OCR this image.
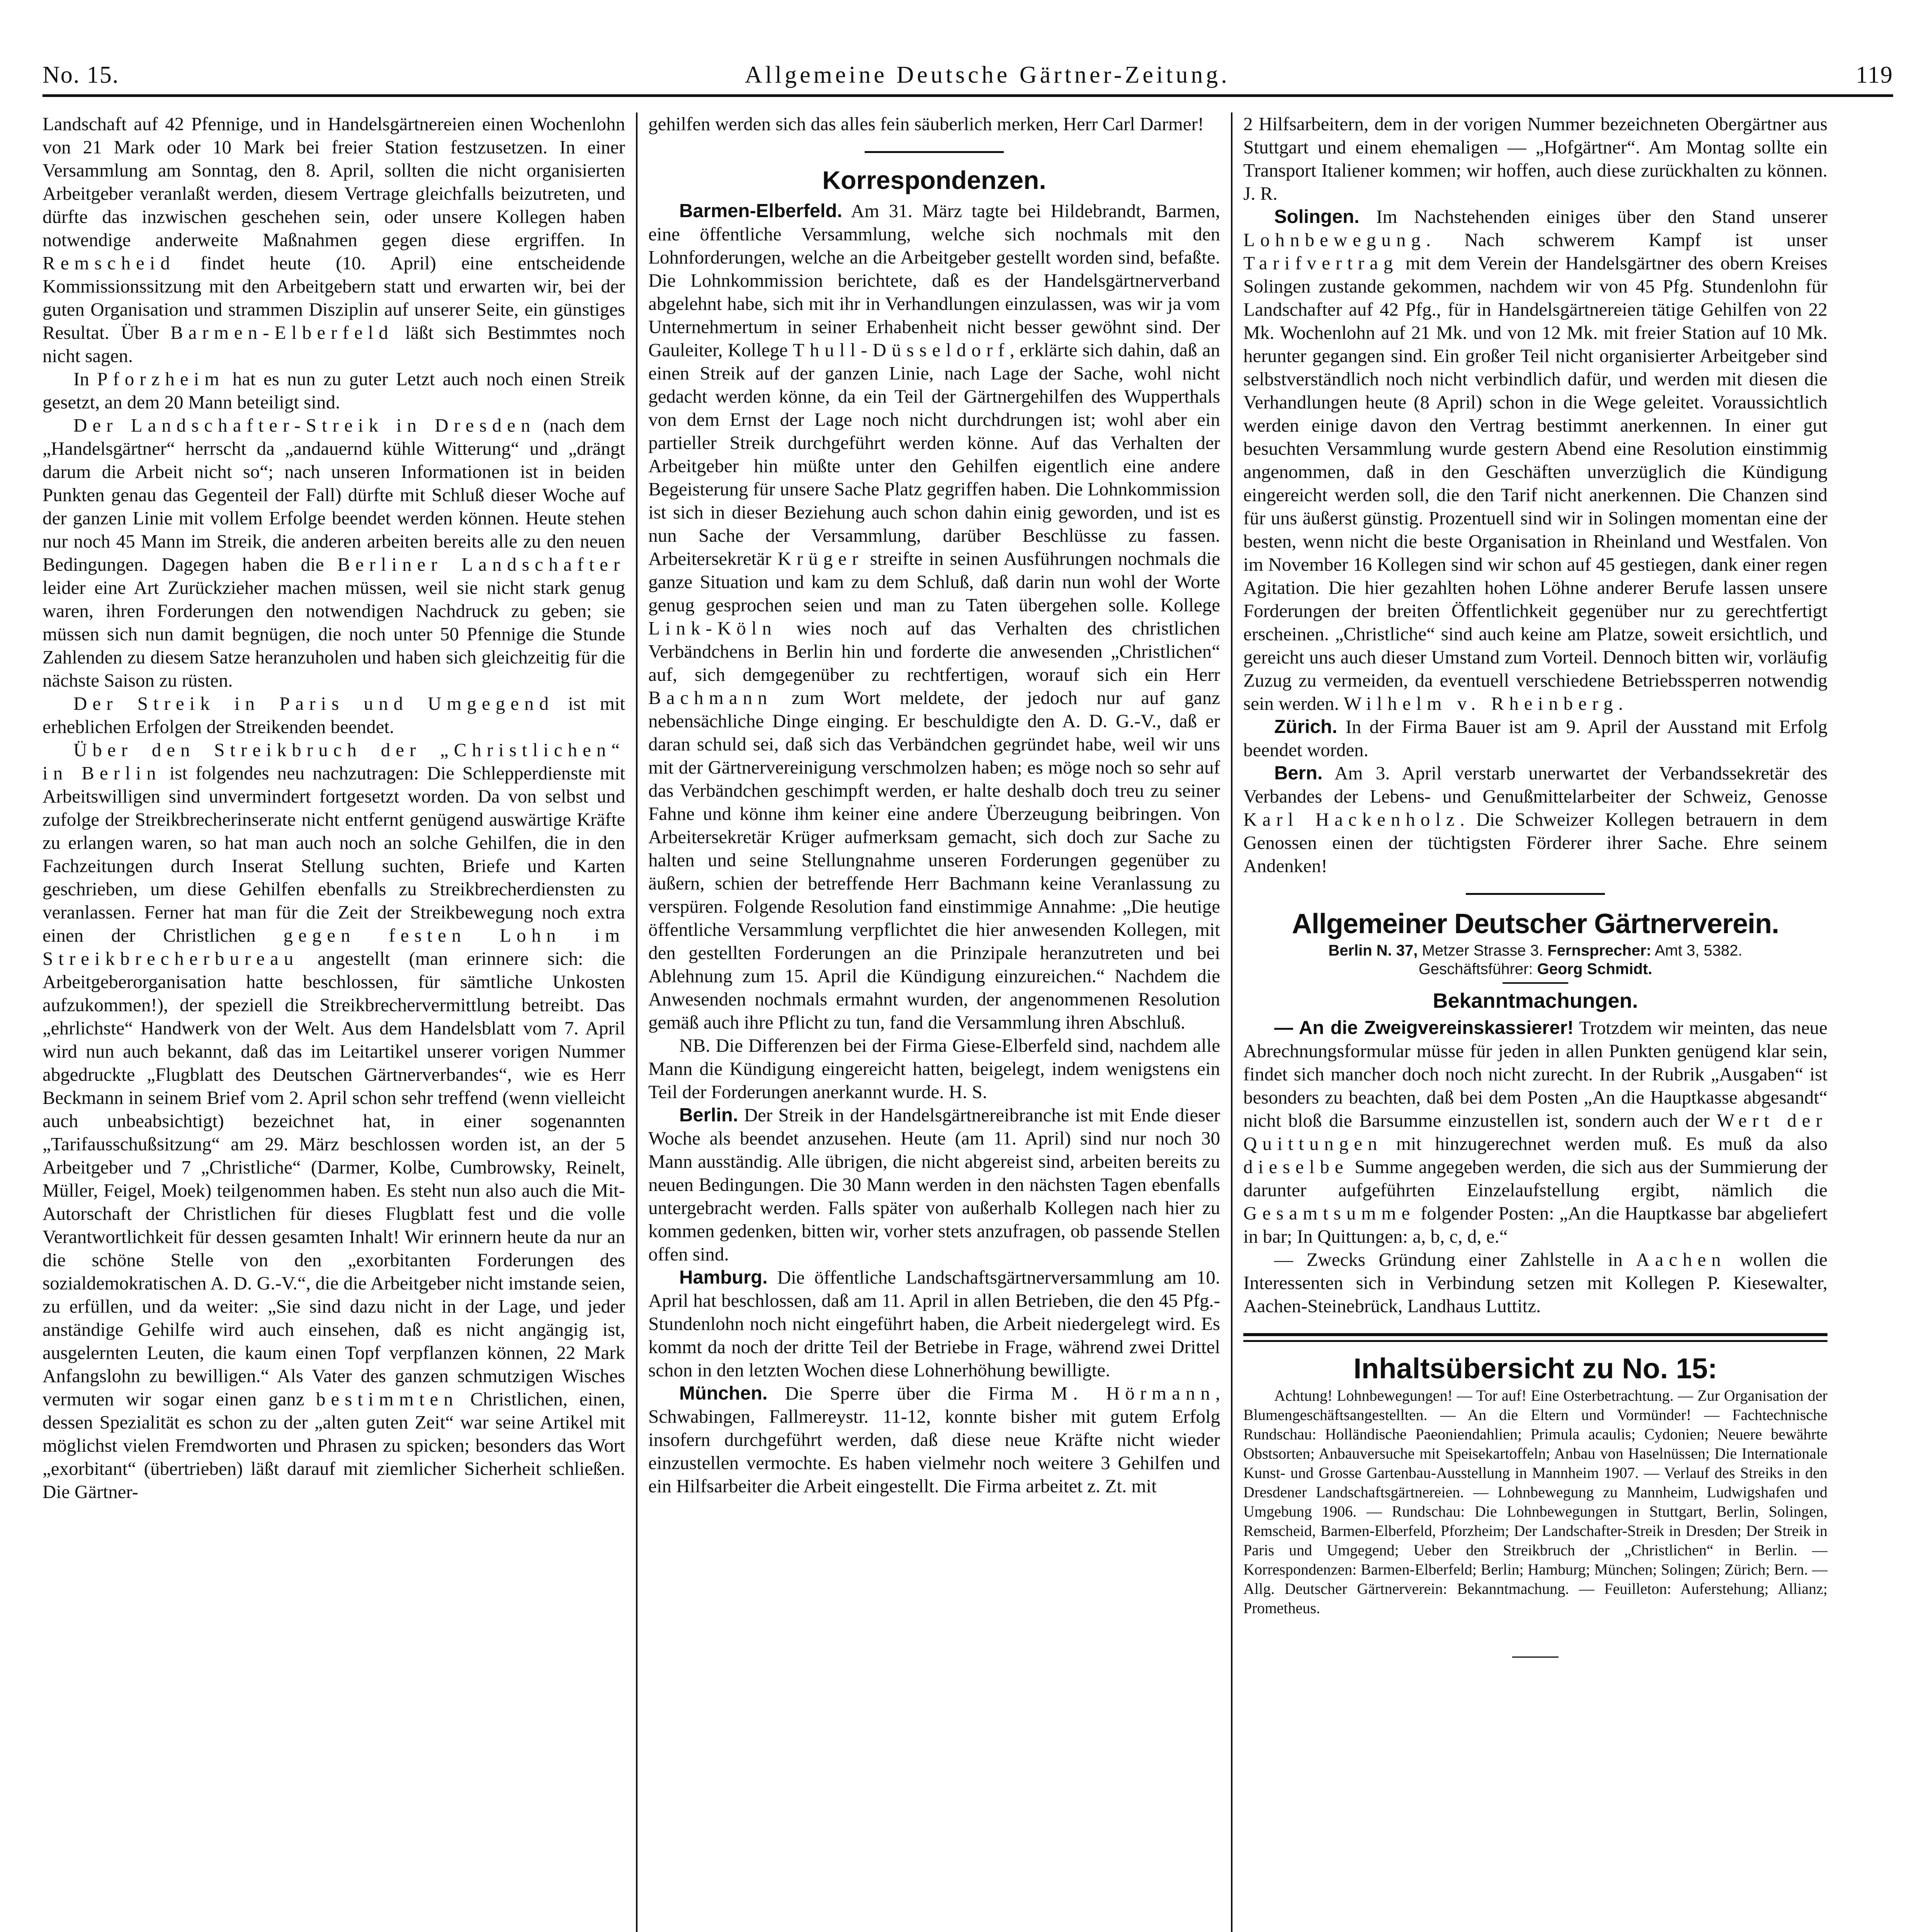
No. 15.	Allgemeine Deutsche Gärtner-Zeitung.	119

Landschaft auf 42 Pfennige, und in Handelsgärtnereien einen Wochenlohn von 21 Mark oder 10 Mark bei freier Station festzusetzen. In einer Versammlung am Sonntag, den 8. April, sollten die nicht organisierten Arbeitgeber veranlaßt werden, diesem Vertrage gleichfalls beizutreten, und dürfte das inzwischen geschehen sein, oder unsere Kollegen haben notwendige anderweite Maßnahmen gegen diese ergriffen. In Remscheid findet heute (10. April) eine entscheidende Kommissionssitzung mit den Arbeitgebern statt und erwarten wir, bei der guten Organisation und strammen Disziplin auf unserer Seite, ein günstiges Resultat. Über Barmen-Elberfeld läßt sich Bestimmtes noch nicht sagen.

In Pforzheim hat es nun zu guter Letzt auch noch einen Streik gesetzt, an dem 20 Mann beteiligt sind.

Der Landschafter-Streik in Dresden (nach dem „Handelsgärtner“ herrscht da „andauernd kühle Witterung“ und „drängt darum die Arbeit nicht so“; nach unseren Informationen ist in beiden Punkten genau das Gegenteil der Fall) dürfte mit Schluß dieser Woche auf der ganzen Linie mit vollem Erfolge beendet werden können. Heute stehen nur noch 45 Mann im Streik, die anderen arbeiten bereits alle zu den neuen Bedingungen. Dagegen haben die Berliner Landschafter leider eine Art Zurückzieher machen müssen, weil sie nicht stark genug waren, ihren Forderungen den notwendigen Nachdruck zu geben; sie müssen sich nun damit begnügen, die noch unter 50 Pfennige die Stunde Zahlenden zu diesem Satze heranzuholen und haben sich gleichzeitig für die nächste Saison zu rüsten.

Der Streik in Paris und Umgegend ist mit erheblichen Erfolgen der Streikenden beendet.

Über den Streikbruch der „Christlichen“ in Berlin ist folgendes neu nachzutragen: Die Schlepperdienste mit Arbeitswilligen sind unvermindert fortgesetzt worden. Da von selbst und zufolge der Streikbrecherinserate nicht entfernt genügend auswärtige Kräfte zu erlangen waren, so hat man auch noch an solche Gehilfen, die in den Fachzeitungen durch Inserat Stellung suchten, Briefe und Karten geschrieben, um diese Gehilfen ebenfalls zu Streikbrecherdiensten zu veranlassen. Ferner hat man für die Zeit der Streikbewegung noch extra einen der Christlichen gegen festen Lohn im Streikbrecherbureau angestellt (man erinnere sich: die Arbeitgeberorganisation hatte beschlossen, für sämtliche Unkosten aufzukommen!), der speziell die Streikbrechervermittlung betreibt. Das „ehrlichste“ Handwerk von der Welt. Aus dem Handelsblatt vom 7. April wird nun auch bekannt, daß das im Leitartikel unserer vorigen Nummer abgedruckte „Flugblatt des Deutschen Gärtnerverbandes“, wie es Herr Beckmann in seinem Brief vom 2. April schon sehr treffend (wenn vielleicht auch unbeabsichtigt) bezeichnet hat, in einer sogenannten „Tarifausschußsitzung“ am 29. März beschlossen worden ist, an der 5 Arbeitgeber und 7 „Christliche“ (Darmer, Kolbe, Cumbrowsky, Reinelt, Müller, Feigel, Moek) teilgenommen haben. Es steht nun also auch die Mit-Autorschaft der Christlichen für dieses Flugblatt fest und die volle Verantwortlichkeit für dessen gesamten Inhalt! Wir erinnern heute da nur an die schöne Stelle von den „exorbitanten Forderungen des sozialdemokratischen A. D. G.-V.“, die die Arbeitgeber nicht imstande seien, zu erfüllen, und da weiter: „Sie sind dazu nicht in der Lage, und jeder anständige Gehilfe wird auch einsehen, daß es nicht angängig ist, ausgelernten Leuten, die kaum einen Topf verpflanzen können, 22 Mark Anfangslohn zu bewilligen.“ Als Vater des ganzen schmutzigen Wisches vermuten wir sogar einen ganz bestimmten Christlichen, einen, dessen Spezialität es schon zu der „alten guten Zeit“ war seine Artikel mit möglichst vielen Fremdworten und Phrasen zu spicken; besonders das Wort „exorbitant“ (übertrieben) läßt darauf mit ziemlicher Sicherheit schließen. Die Gärtner-

gehilfen werden sich das alles fein säuberlich merken, Herr Carl Darmer!

Korrespondenzen.

Barmen-Elberfeld. Am 31. März tagte bei Hildebrandt, Barmen, eine öffentliche Versammlung, welche sich nochmals mit den Lohnforderungen, welche an die Arbeitgeber gestellt worden sind, befaßte. Die Lohnkommission berichtete, daß es der Handelsgärtnerverband abgelehnt habe, sich mit ihr in Verhandlungen einzulassen, was wir ja vom Unternehmertum in seiner Erhabenheit nicht besser gewöhnt sind. Der Gauleiter, Kollege Thull-Düsseldorf, erklärte sich dahin, daß an einen Streik auf der ganzen Linie, nach Lage der Sache, wohl nicht gedacht werden könne, da ein Teil der Gärtnergehilfen des Wupperthals von dem Ernst der Lage noch nicht durchdrungen ist; wohl aber ein partieller Streik durchgeführt werden könne. Auf das Verhalten der Arbeitgeber hin müßte unter den Gehilfen eigentlich eine andere Begeisterung für unsere Sache Platz gegriffen haben. Die Lohnkommission ist sich in dieser Beziehung auch schon dahin einig geworden, und ist es nun Sache der Versammlung, darüber Beschlüsse zu fassen. Arbeitersekretär Krüger streifte in seinen Ausführungen nochmals die ganze Situation und kam zu dem Schluß, daß darin nun wohl der Worte genug gesprochen seien und man zu Taten übergehen solle. Kollege Link-Köln wies noch auf das Verhalten des christlichen Verbändchens in Berlin hin und forderte die anwesenden „Christlichen“ auf, sich demgegenüber zu rechtfertigen, worauf sich ein Herr Bachmann zum Wort meldete, der jedoch nur auf ganz nebensächliche Dinge einging. Er beschuldigte den A. D. G.-V., daß er daran schuld sei, daß sich das Verbändchen gegründet habe, weil wir uns mit der Gärtnervereinigung verschmolzen haben; es möge noch so sehr auf das Verbändchen geschimpft werden, er halte deshalb doch treu zu seiner Fahne und könne ihm keiner eine andere Überzeugung beibringen. Von Arbeitersekretär Krüger aufmerksam gemacht, sich doch zur Sache zu halten und seine Stellungnahme unseren Forderungen gegenüber zu äußern, schien der betreffende Herr Bachmann keine Veranlassung zu verspüren. Folgende Resolution fand einstimmige Annahme: „Die heutige öffentliche Versammlung verpflichtet die hier anwesenden Kollegen, mit den gestellten Forderungen an die Prinzipale heranzutreten und bei Ablehnung zum 15. April die Kündigung einzureichen.“ Nachdem die Anwesenden nochmals ermahnt wurden, der angenommenen Resolution gemäß auch ihre Pflicht zu tun, fand die Versammlung ihren Abschluß.

NB. Die Differenzen bei der Firma Giese-Elberfeld sind, nachdem alle Mann die Kündigung eingereicht hatten, beigelegt, indem wenigstens ein Teil der Forderungen anerkannt wurde. H. S.

Berlin. Der Streik in der Handelsgärtnereibranche ist mit Ende dieser Woche als beendet anzusehen. Heute (am 11. April) sind nur noch 30 Mann ausständig. Alle übrigen, die nicht abgereist sind, arbeiten bereits zu neuen Bedingungen. Die 30 Mann werden in den nächsten Tagen ebenfalls untergebracht werden. Falls später von außerhalb Kollegen nach hier zu kommen gedenken, bitten wir, vorher stets anzufragen, ob passende Stellen offen sind.

Hamburg. Die öffentliche Landschaftsgärtnerversammlung am 10. April hat beschlossen, daß am 11. April in allen Betrieben, die den 45 Pfg.-Stundenlohn noch nicht eingeführt haben, die Arbeit niedergelegt wird. Es kommt da noch der dritte Teil der Betriebe in Frage, während zwei Drittel schon in den letzten Wochen diese Lohnerhöhung bewilligte.

München. Die Sperre über die Firma M. Hörmann, Schwabingen, Fallmereystr. 11-12, konnte bisher mit gutem Erfolg insofern durchgeführt werden, daß diese neue Kräfte nicht wieder einzustellen vermochte. Es haben vielmehr noch weitere 3 Gehilfen und ein Hilfsarbeiter die Arbeit eingestellt. Die Firma arbeitet z. Zt. mit

2 Hilfsarbeitern, dem in der vorigen Nummer bezeichneten Obergärtner aus Stuttgart und einem ehemaligen — „Hofgärtner“. Am Montag sollte ein Transport Italiener kommen; wir hoffen, auch diese zurückhalten zu können. J. R.

Solingen. Im Nachstehenden einiges über den Stand unserer Lohnbewegung. Nach schwerem Kampf ist unser Tarifvertrag mit dem Verein der Handelsgärtner des obern Kreises Solingen zustande gekommen, nachdem wir von 45 Pfg. Stundenlohn für Landschafter auf 42 Pfg., für in Handelsgärtnereien tätige Gehilfen von 22 Mk. Wochenlohn auf 21 Mk. und von 12 Mk. mit freier Station auf 10 Mk. herunter gegangen sind. Ein großer Teil nicht organisierter Arbeitgeber sind selbstverständlich noch nicht verbindlich dafür, und werden mit diesen die Verhandlungen heute (8 April) schon in die Wege geleitet. Voraussichtlich werden einige davon den Vertrag bestimmt anerkennen. In einer gut besuchten Versammlung wurde gestern Abend eine Resolution einstimmig angenommen, daß in den Geschäften unverzüglich die Kündigung eingereicht werden soll, die den Tarif nicht anerkennen. Die Chanzen sind für uns äußerst günstig. Prozentuell sind wir in Solingen momentan eine der besten, wenn nicht die beste Organisation in Rheinland und Westfalen. Von im November 16 Kollegen sind wir schon auf 45 gestiegen, dank einer regen Agitation. Die hier gezahlten hohen Löhne anderer Berufe lassen unsere Forderungen der breiten Öffentlichkeit gegenüber nur zu gerechtfertigt erscheinen. „Christliche“ sind auch keine am Platze, soweit ersichtlich, und gereicht uns auch dieser Umstand zum Vorteil. Dennoch bitten wir, vorläufig Zuzug zu vermeiden, da eventuell verschiedene Betriebssperren notwendig sein werden. Wilhelm v. Rheinberg.

Zürich. In der Firma Bauer ist am 9. April der Ausstand mit Erfolg beendet worden.

Bern. Am 3. April verstarb unerwartet der Verbandssekretär des Verbandes der Lebens- und Genußmittelarbeiter der Schweiz, Genosse Karl Hackenholz. Die Schweizer Kollegen betrauern in dem Genossen einen der tüchtigsten Förderer ihrer Sache. Ehre seinem Andenken!

Allgemeiner Deutscher Gärtnerverein.
Berlin N. 37, Metzer Strasse 3. Fernsprecher: Amt 3, 5382.
Geschäftsführer: Georg Schmidt.
Bekanntmachungen.

— An die Zweigvereinskassierer! Trotzdem wir meinten, das neue Abrechnungsformular müsse für jeden in allen Punkten genügend klar sein, findet sich mancher doch noch nicht zurecht. In der Rubrik „Ausgaben“ ist besonders zu beachten, daß bei dem Posten „An die Hauptkasse abgesandt“ nicht bloß die Barsumme einzustellen ist, sondern auch der Wert der Quittungen mit hinzugerechnet werden muß. Es muß da also dieselbe Summe angegeben werden, die sich aus der Summierung der darunter aufgeführten Einzelaufstellung ergibt, nämlich die Gesamtsumme folgender Posten: „An die Hauptkasse bar abgeliefert in bar; In Quittungen: a, b, c, d, e.“

— Zwecks Gründung einer Zahlstelle in Aachen wollen die Interessenten sich in Verbindung setzen mit Kollegen P. Kiesewalter, Aachen-Steinebrück, Landhaus Luttitz.

Inhaltsübersicht zu No. 15:

Achtung! Lohnbewegungen! — Tor auf! Eine Osterbetrachtung. — Zur Organisation der Blumengeschäftsangestellten. — An die Eltern und Vormünder! — Fachtechnische Rundschau: Holländische Paeoniendahlien; Primula acaulis; Cydonien; Neuere bewährte Obstsorten; Anbauversuche mit Speisekartoffeln; Anbau von Haselnüssen; Die Internationale Kunst- und Grosse Gartenbau-Ausstellung in Mannheim 1907. — Verlauf des Streiks in den Dresdener Landschaftsgärtnereien. — Lohnbewegung zu Mannheim, Ludwigshafen und Umgebung 1906. — Rundschau: Die Lohnbewegungen in Stuttgart, Berlin, Solingen, Remscheid, Barmen-Elberfeld, Pforzheim; Der Landschafter-Streik in Dresden; Der Streik in Paris und Umgegend; Ueber den Streikbruch der „Christlichen“ in Berlin. — Korrespondenzen: Barmen-Elberfeld; Berlin; Hamburg; München; Solingen; Zürich; Bern. — Allg. Deutscher Gärtnerverein: Bekanntmachung. — Feuilleton: Auferstehung; Allianz; Prometheus.
